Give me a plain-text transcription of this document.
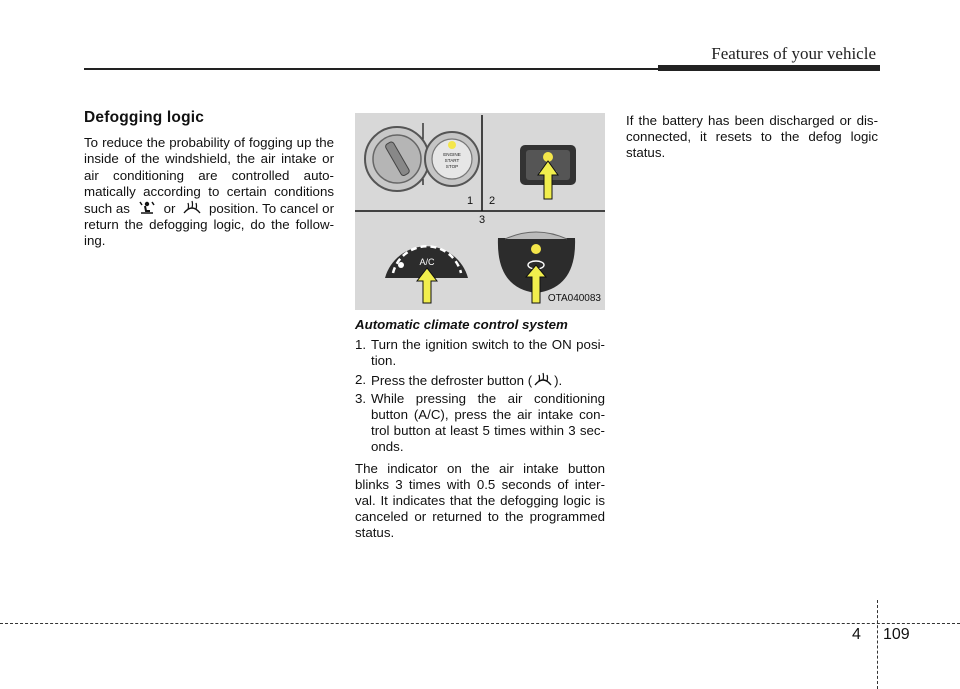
Features of your vehicle
Defogging logic

To reduce the probability of fogging up the inside of the windshield, the air intake or air conditioning are controlled auto-matically according to certain conditions such as	or	position. To cancel or return the defogging logic, do the follow-ing.

ENGINE
START
STOP
1 2
3
A/C
OTA040083
Automatic climate control system
1. Turn the ignition switch to the ON posi-tion.
2. Press the defroster button ( ).
3. While pressing the air conditioning button (A/C), press the air intake con-trol button at least 5 times within 3 sec-onds.

The indicator on the air intake button blinks 3 times with 0.5 seconds of inter-val. It indicates that the defogging logic is canceled or returned to the programmed status.

If the battery has been discharged or dis-connected, it resets to the defog logic status.

4 109
